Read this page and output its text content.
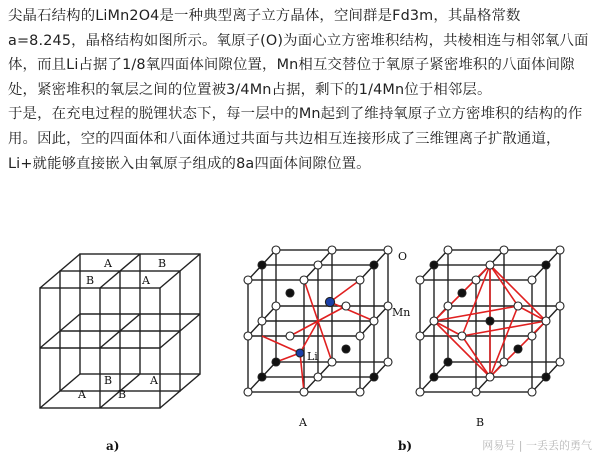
尖晶石结构的LiMn2O4是一种典型离子立方晶体，空间群是Fd3m，其晶格常数a=8.245，晶格结构如图所示。氧原子(O)为面心立方密堆积结构，共棱相连与相邻氧八面体，而且Li占据了1/8氧四面体间隙位置，Mn相互交替位于氧原子紧密堆积的八面体间隙处，紧密堆积的氧层之间的位置被3/4Mn占据，剩下的1/4Mn位于相邻层。

于是，在充电过程的脱锂状态下，每一层中的Mn起到了维持氧原子立方密堆积的结构的作用。因此，空的四面体和八面体通过共面与共边相互连接形成了三维锂离子扩散通道，Li+就能够直接嵌入由氧原子组成的8a四面体间隙位置。

A	B
B	A
B	A
A	B
a)
O
Mn
Li
A	B
b)	网易号 | 一丢丢的勇气
